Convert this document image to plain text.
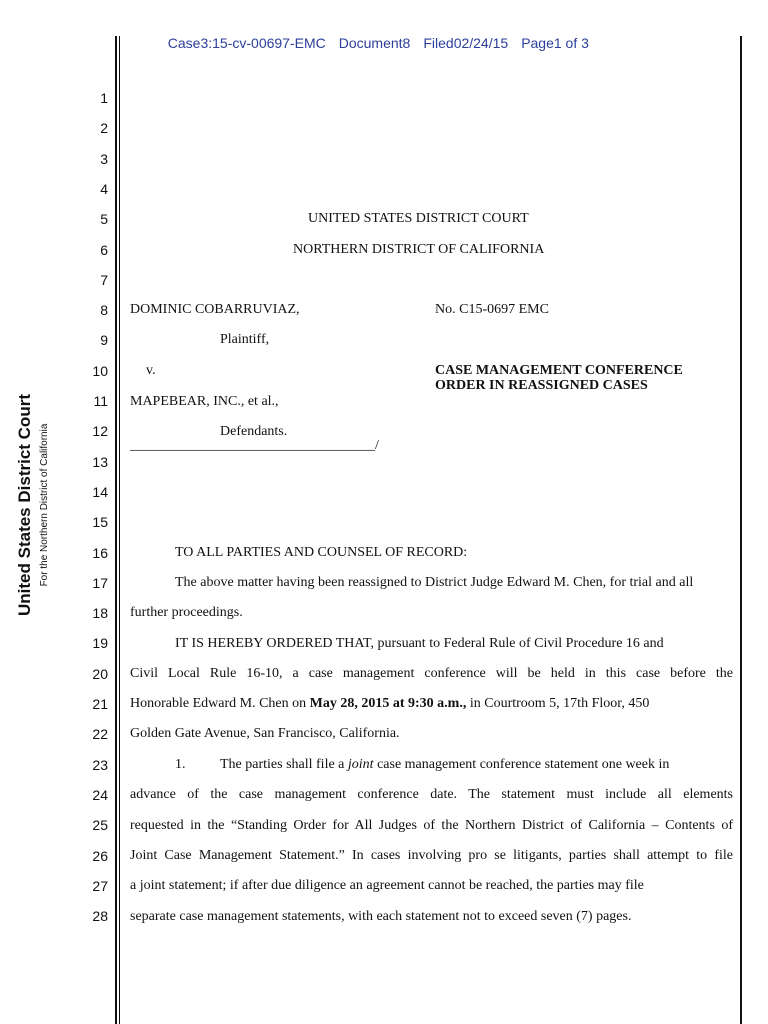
Case3:15-cv-00697-EMC Document8 Filed02/24/15 Page1 of 3

United States District Court For the Northern District of California
1
2
3
4
5
6
7
8
9
10
11
12
13
14
15
16
17
18
19
20
21
22
23
24
25
26
27
28
UNITED STATES DISTRICT COURT
NORTHERN DISTRICT OF CALIFORNIA
DOMINIC COBARRUVIAZ,
Plaintiff,
v.
MAPEBEAR, INC., et al.,
Defendants.
___________________________________/
No. C15-0697 EMC
CASE MANAGEMENT CONFERENCE
ORDER IN REASSIGNED CASES
TO ALL PARTIES AND COUNSEL OF RECORD:
The above matter having been reassigned to District Judge Edward M. Chen, for trial and all
further proceedings.
IT IS HEREBY ORDERED THAT, pursuant to Federal Rule of Civil Procedure 16 and
Civil Local Rule 16-10, a case management conference will be held in this case before the
Honorable Edward M. Chen on May 28, 2015 at 9:30 a.m., in Courtroom 5, 17th Floor, 450
Golden Gate Avenue, San Francisco, California.
1. The parties shall file a joint case management conference statement one week in
advance of the case management conference date. The statement must include all elements
requested in the “Standing Order for All Judges of the Northern District of California – Contents of
Joint Case Management Statement.” In cases involving pro se litigants, parties shall attempt to file
a joint statement; if after due diligence an agreement cannot be reached, the parties may file
separate case management statements, with each statement not to exceed seven (7) pages.
